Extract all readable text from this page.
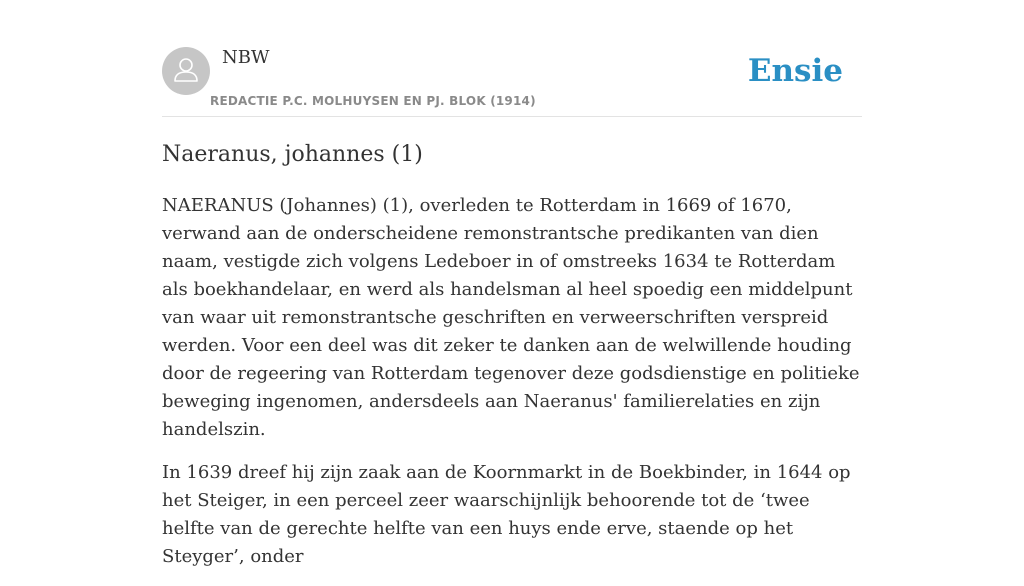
NBW
REDACTIE P.C. MOLHUYSEN EN PJ. BLOK (1914)
Ensie
Naeranus, johannes (1)

NAERANUS (Johannes) (1), overleden te Rotterdam in 1669 of 1670, verwand aan de onderscheidene remonstrantsche predikanten van dien naam, vestigde zich volgens Ledeboer in of omstreeks 1634 te Rotterdam als boekhandelaar, en werd als handelsman al heel spoedig een middelpunt van waar uit remonstrantsche geschriften en verweerschriften verspreid werden. Voor een deel was dit zeker te danken aan de welwillende houding door de regeering van Rotterdam tegenover deze godsdienstige en politieke beweging ingenomen, andersdeels aan Naeranus' familierelaties en zijn handelszin.

In 1639 dreef hij zijn zaak aan de Koornmarkt in de Boekbinder, in 1644 op het Steiger, in een perceel zeer waarschijnlijk behoorende tot de ‘twee helfte van de gerechte helfte van een huys ende erve, staende op het Steyger’, onder
